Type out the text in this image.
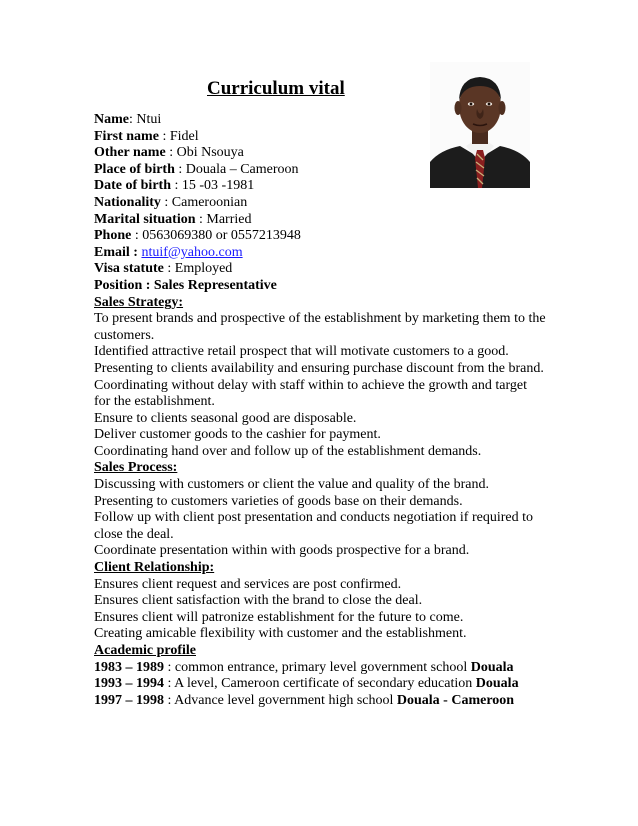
Curriculum vital
Name: Ntui
First name : Fidel
Other name : Obi Nsouya
Place of birth : Douala – Cameroon
Date of birth : 15 -03 -1981
Nationality : Cameroonian
Marital situation : Married
Phone : 0563069380 or 0557213948
Email : ntuif@yahoo.com
Visa statute : Employed
Position : Sales Representative
Sales Strategy:
To present brands and prospective of the establishment by marketing them to the customers.
Identified attractive retail prospect that will motivate customers to a good.
Presenting to clients availability and ensuring purchase discount from the brand.
Coordinating without delay with staff within to achieve the growth and target for the establishment.
Ensure to clients seasonal good are disposable.
Deliver customer goods to the cashier for payment.
Coordinating hand over and follow up of the establishment demands.
Sales Process:
Discussing with customers or client the value and quality of the brand.
Presenting to customers varieties of goods base on their demands.
Follow up with client post presentation and conducts negotiation if required to close the deal.
Coordinate presentation within with goods prospective for a brand.
Client Relationship:
Ensures client request and services are post confirmed.
Ensures client satisfaction with the brand to close the deal.
Ensures client will patronize establishment for the future to come.
Creating amicable flexibility with customer and the establishment.
Academic profile
1983 – 1989 : common entrance, primary level government school Douala
1993 – 1994 : A level, Cameroon certificate of secondary education Douala
1997 – 1998 : Advance level government high school Douala - Cameroon
